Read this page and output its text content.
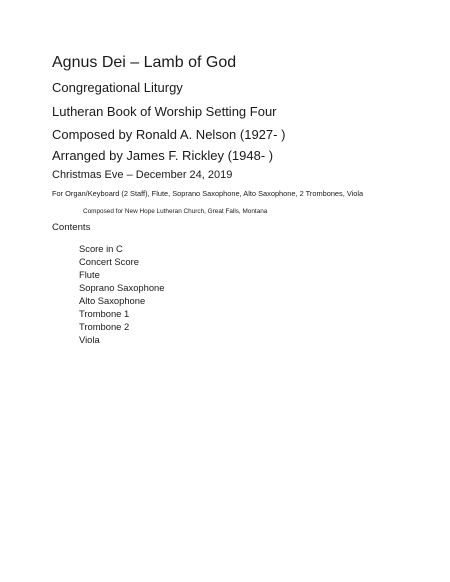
Agnus Dei – Lamb of God
Congregational Liturgy
Lutheran Book of Worship Setting Four
Composed by Ronald A. Nelson (1927- )
Arranged by James F. Rickley (1948- )
Christmas Eve – December 24, 2019
For Organ/Keyboard (2 Staff), Flute, Soprano Saxophone, Alto Saxophone, 2 Trombones, Viola
Composed for New Hope Lutheran Church, Great Falls, Montana
Contents
Score in C
Concert Score
Flute
Soprano Saxophone
Alto Saxophone
Trombone 1
Trombone 2
Viola
